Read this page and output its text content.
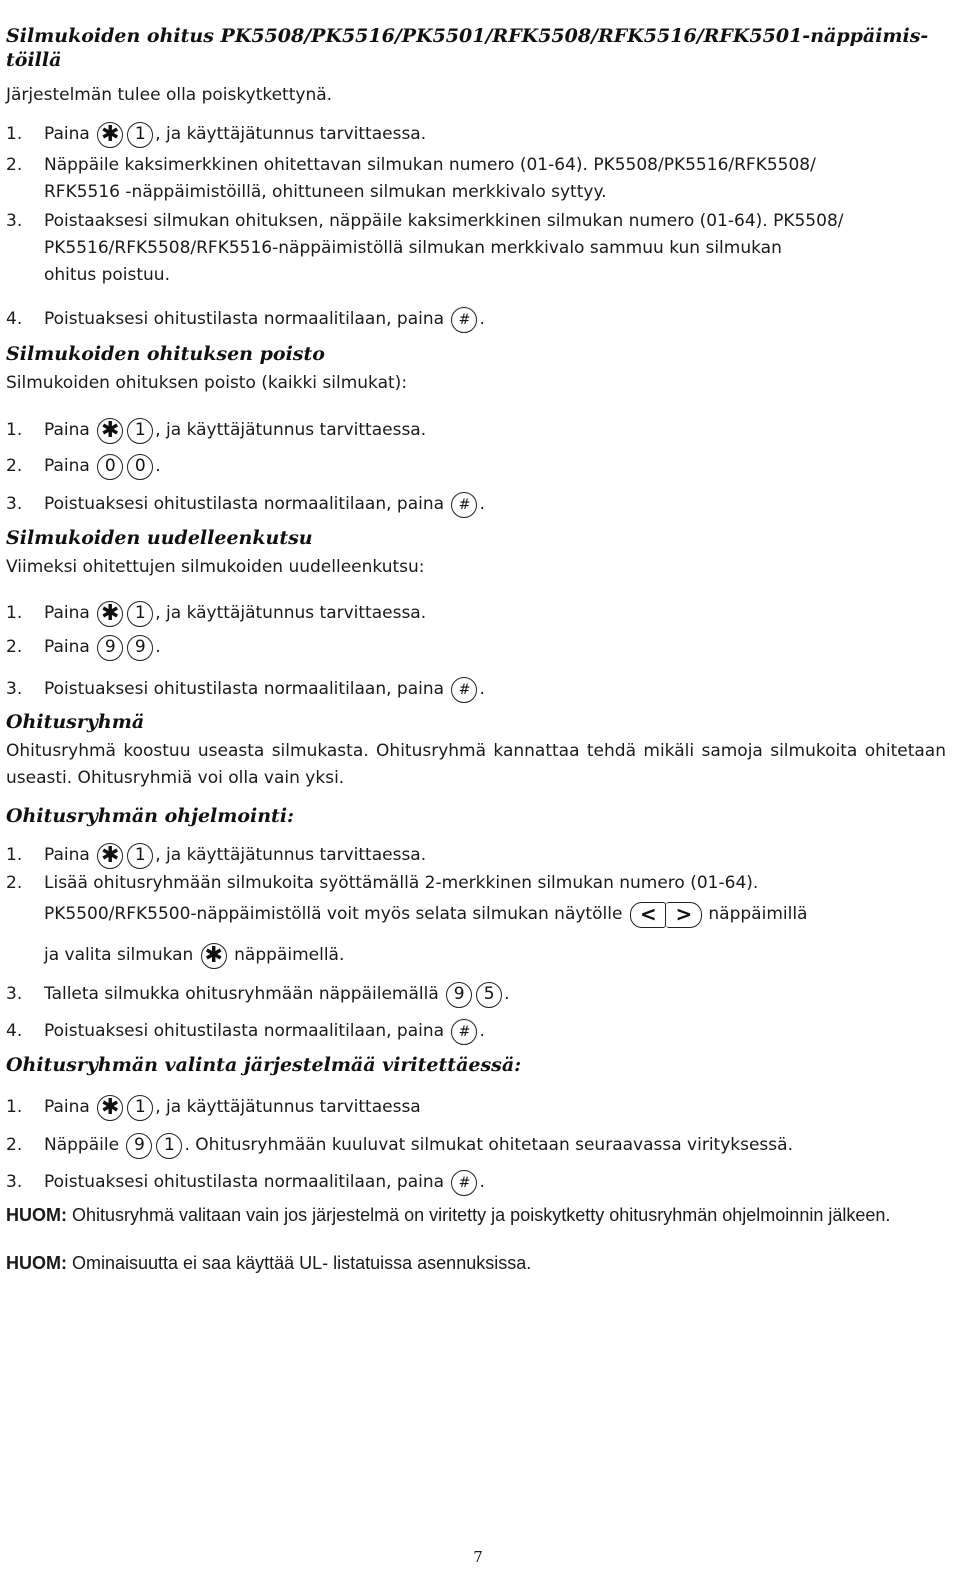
Silmukoiden ohitus PK5508/PK5516/PK5501/RFK5508/RFK5516/RFK5501-näppäimis-
töillä

Järjestelmän tulee olla poiskytkettynä.

1.	Paina
✱ 1 , ja käyttäjätunnus tarvittaessa.
2. Näppäile kaksimerkkinen ohitettavan silmukan numero (01-64). PK5508/PK5516/RFK5508/
RFK5516 -näppäimistöillä, ohittuneen silmukan merkkivalo syttyy.
3. Poistaaksesi silmukan ohituksen, näppäile kaksimerkkinen silmukan numero (01-64). PK5508/
PK5516/RFK5508/RFK5516-näppäimistöllä silmukan merkkivalo sammuu kun silmukan
ohitus poistuu.
4.	Poistuaksesi ohitustilasta normaalitilaan, paina
	# .

Silmukoiden ohituksen poisto

Silmukoiden ohituksen poisto (kaikki silmukat):

1.	Paina
✱ 1 , ja käyttäjätunnus tarvittaessa.
2.	Paina
0	0 .
3.	Poistuaksesi ohitustilasta normaalitilaan, paina
	# .

Silmukoiden uudelleenkutsu

Viimeksi ohitettujen silmukoiden uudelleenkutsu:

1.	Paina
✱ 1 , ja käyttäjätunnus tarvittaessa.
2.	Paina
9	9 .
3.	Poistuaksesi ohitustilasta normaalitilaan, paina
	# .

Ohitusryhmä

Ohitusryhmä koostuu useasta silmukasta. Ohitusryhmä kannattaa tehdä mikäli samoja silmukoita ohitetaan useasti. Ohitusryhmiä voi olla vain yksi.

Ohitusryhmän ohjelmointi:

1.	Paina
✱ 1 , ja käyttäjätunnus tarvittaessa.
2. Lisää ohitusryhmään silmukoita syöttämällä 2-merkkinen silmukan numero (01-64).
PK5500/RFK5500-näppäimistöllä voit myös selata silmukan näytölle < > näppäimillä
ja valita silmukan
✱
näppäimellä.
3.	Talleta silmukka ohitusryhmään näppäilemällä
9	5 .
4.	Poistuaksesi ohitustilasta normaalitilaan, paina
	# .

Ohitusryhmän valinta järjestelmää viritettäessä:

1.	Paina
✱ 1 , ja käyttäjätunnus tarvittaessa
2.	Näppäile
9	1 . Ohitusryhmään kuuluvat silmukat ohitetaan seuraavassa virityksessä.
3.	Poistuaksesi ohitustilasta normaalitilaan, paina
	# .

HUOM: Ohitusryhmä valitaan vain jos järjestelmä on viritetty ja poiskytketty ohitusryhmän ohjelmoinnin jälkeen.

HUOM: Ominaisuutta ei saa käyttää UL- listatuissa asennuksissa.

7
